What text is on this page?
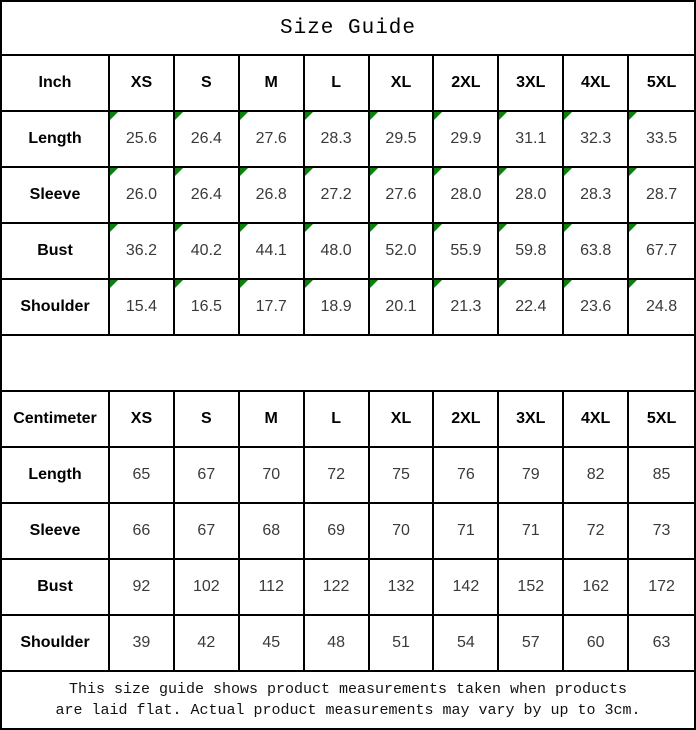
Size Guide
Inch	XS	S	M	L	XL	2XL	3XL	4XL	5XL
Length	25.6	26.4	27.6	28.3	29.5	29.9	31.1	32.3	33.5
Sleeve	26.0	26.4	26.8	27.2	27.6	28.0	28.0	28.3	28.7
Bust	36.2	40.2	44.1	48.0	52.0	55.9	59.8	63.8	67.7
Shoulder	15.4	16.5	17.7	18.9	20.1	21.3	22.4	23.6	24.8
Centimeter	XS	S	M	L	XL	2XL	3XL	4XL	5XL
Length	65	67	70	72	75	76	79	82	85
Sleeve	66	67	68	69	70	71	71	72	73
Bust	92	102	112	122	132	142	152	162	172
Shoulder	39	42	45	48	51	54	57	60	63
This size guide shows product measurements taken when products
are laid flat. Actual product measurements may vary by up to 3cm.
